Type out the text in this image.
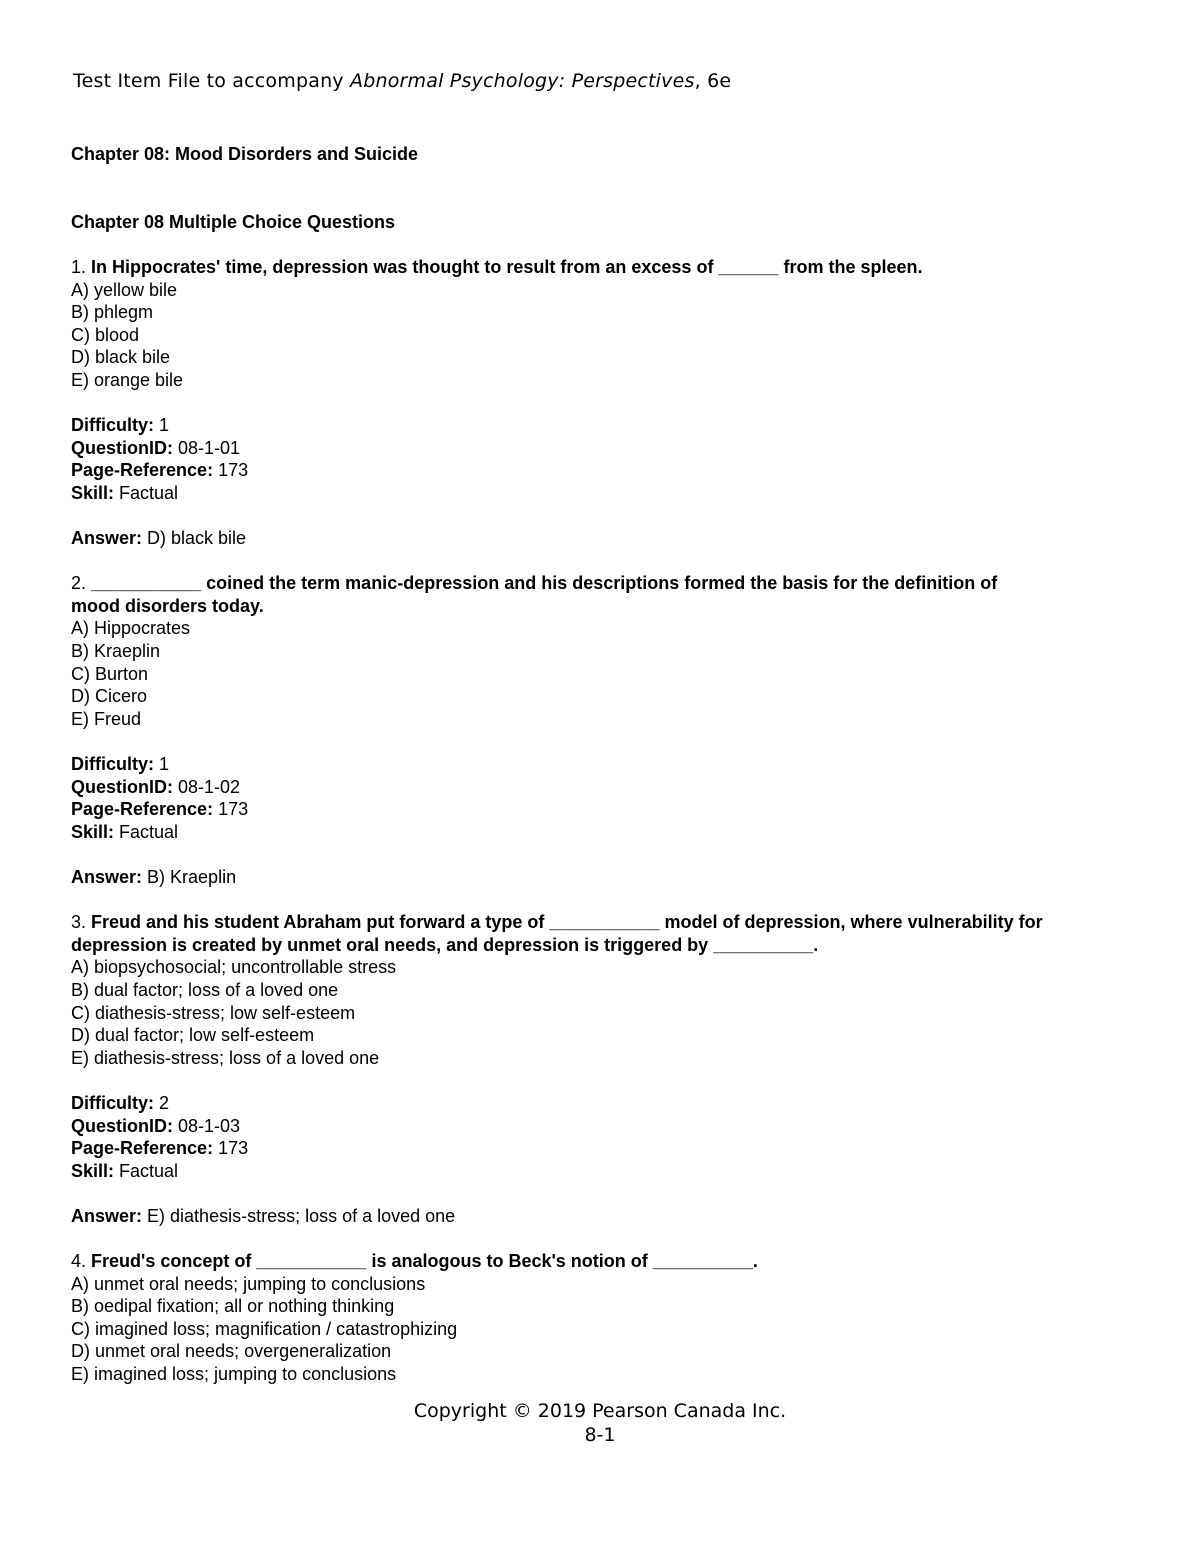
Test Item File to accompany Abnormal Psychology: Perspectives, 6e
Chapter 08: Mood Disorders and Suicide
Chapter 08 Multiple Choice Questions
1. In Hippocrates' time, depression was thought to result from an excess of ______ from the spleen.
A) yellow bile
B) phlegm
C) blood
D) black bile
E) orange bile
Difficulty: 1
QuestionID: 08-1-01
Page-Reference: 173
Skill: Factual
Answer: D) black bile
2. ___________ coined the term manic-depression and his descriptions formed the basis for the definition of
mood disorders today.
A) Hippocrates
B) Kraeplin
C) Burton
D) Cicero
E) Freud
Difficulty: 1
QuestionID: 08-1-02
Page-Reference: 173
Skill: Factual
Answer: B) Kraeplin
3. Freud and his student Abraham put forward a type of ___________ model of depression, where vulnerability for
depression is created by unmet oral needs, and depression is triggered by __________.
A) biopsychosocial; uncontrollable stress
B) dual factor; loss of a loved one
C) diathesis-stress; low self-esteem
D) dual factor; low self-esteem
E) diathesis-stress; loss of a loved one
Difficulty: 2
QuestionID: 08-1-03
Page-Reference: 173
Skill: Factual
Answer: E) diathesis-stress; loss of a loved one
4. Freud's concept of ___________ is analogous to Beck's notion of __________.
A) unmet oral needs; jumping to conclusions
B) oedipal fixation; all or nothing thinking
C) imagined loss; magnification / catastrophizing
D) unmet oral needs; overgeneralization
E) imagined loss; jumping to conclusions
Copyright © 2019 Pearson Canada Inc.
8-1
